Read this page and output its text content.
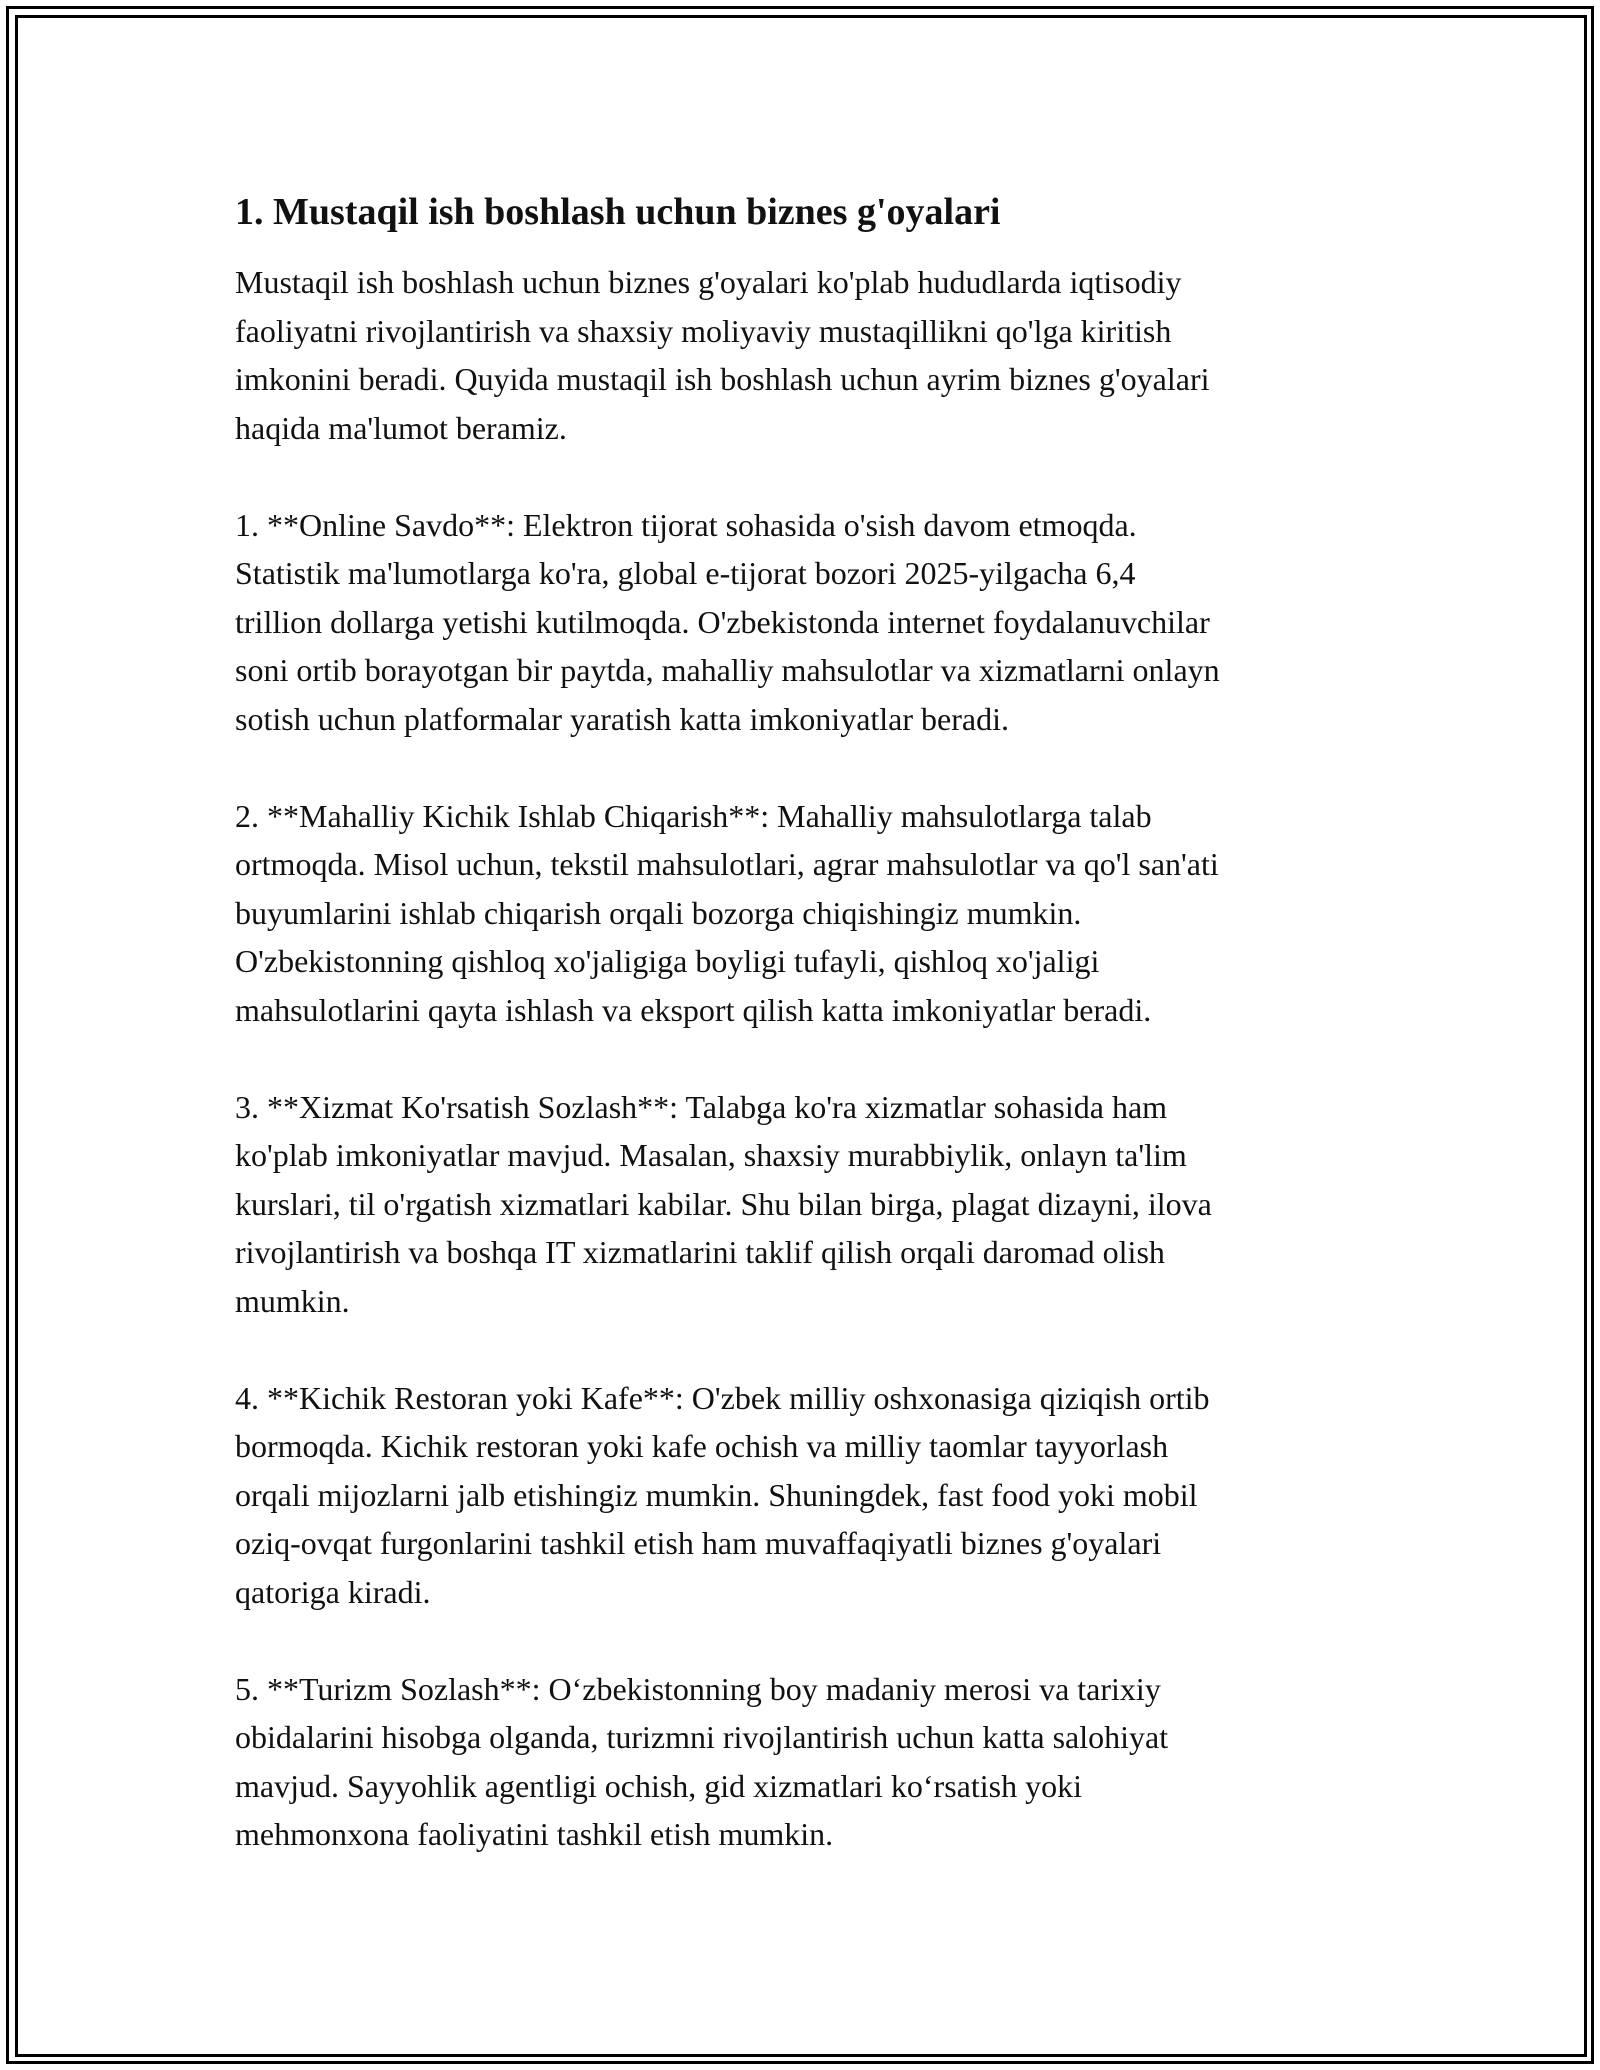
1. Mustaqil ish boshlash uchun biznes g'oyalari

Mustaqil ish boshlash uchun biznes g'oyalari ko'plab hududlarda iqtisodiy
faoliyatni rivojlantirish va shaxsiy moliyaviy mustaqillikni qo'lga kiritish
imkonini beradi. Quyida mustaqil ish boshlash uchun ayrim biznes g'oyalari
haqida ma'lumot beramiz.

1. **Online Savdo**: Elektron tijorat sohasida o'sish davom etmoqda.
Statistik ma'lumotlarga ko'ra, global e-tijorat bozori 2025-yilgacha 6,4
trillion dollarga yetishi kutilmoqda. O'zbekistonda internet foydalanuvchilar
soni ortib borayotgan bir paytda, mahalliy mahsulotlar va xizmatlarni onlayn
sotish uchun platformalar yaratish katta imkoniyatlar beradi.

2. **Mahalliy Kichik Ishlab Chiqarish**: Mahalliy mahsulotlarga talab
ortmoqda. Misol uchun, tekstil mahsulotlari, agrar mahsulotlar va qo'l san'ati
buyumlarini ishlab chiqarish orqali bozorga chiqishingiz mumkin.
O'zbekistonning qishloq xo'jaligiga boyligi tufayli, qishloq xo'jaligi
mahsulotlarini qayta ishlash va eksport qilish katta imkoniyatlar beradi.

3. **Xizmat Ko'rsatish Sozlash**: Talabga ko'ra xizmatlar sohasida ham
ko'plab imkoniyatlar mavjud. Masalan, shaxsiy murabbiylik, onlayn ta'lim
kurslari, til o'rgatish xizmatlari kabilar. Shu bilan birga, plagat dizayni, ilova
rivojlantirish va boshqa IT xizmatlarini taklif qilish orqali daromad olish
mumkin.

4. **Kichik Restoran yoki Kafe**: O'zbek milliy oshxonasiga qiziqish ortib
bormoqda. Kichik restoran yoki kafe ochish va milliy taomlar tayyorlash
orqali mijozlarni jalb etishingiz mumkin. Shuningdek, fast food yoki mobil
oziq-ovqat furgonlarini tashkil etish ham muvaffaqiyatli biznes g'oyalari
qatoriga kiradi.

5. **Turizm Sozlash**: O‘zbekistonning boy madaniy merosi va tarixiy
obidalarini hisobga olganda, turizmni rivojlantirish uchun katta salohiyat
mavjud. Sayyohlik agentligi ochish, gid xizmatlari ko‘rsatish yoki
mehmonxona faoliyatini tashkil etish mumkin.
